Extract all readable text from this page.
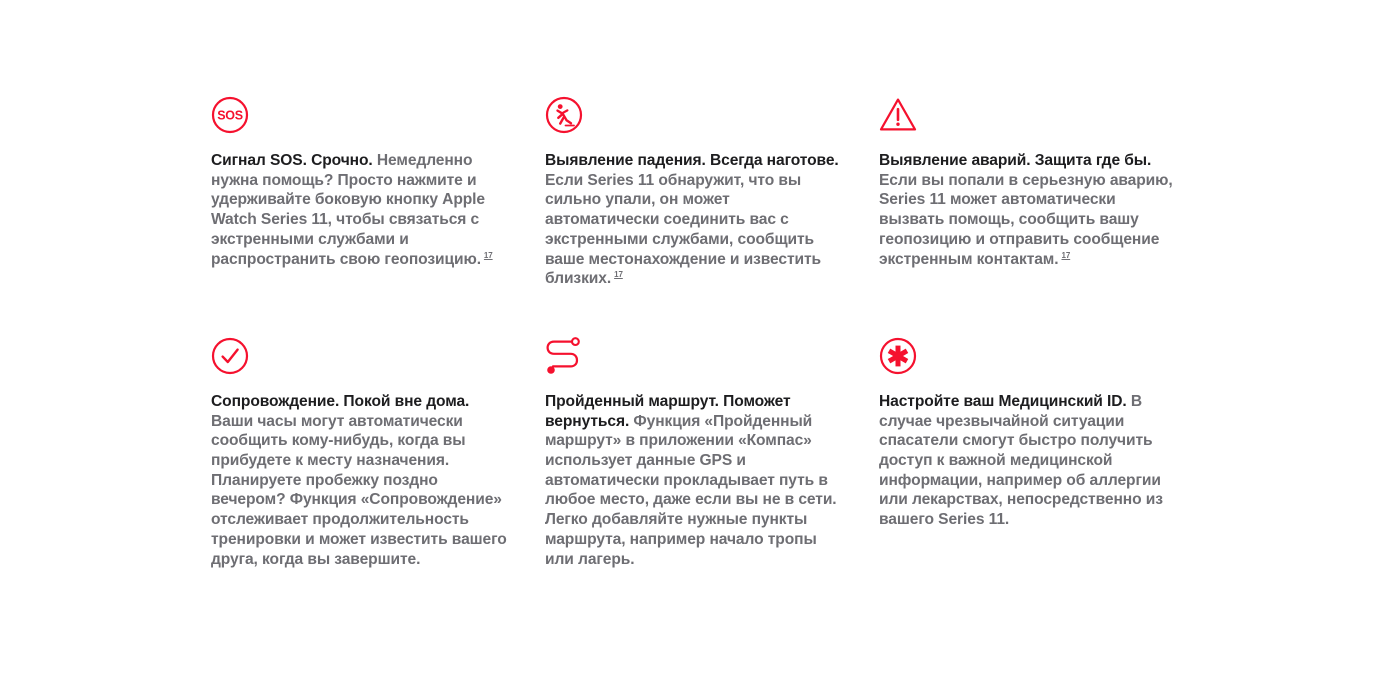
SOS

Сигнал SOS. Срочно. Немедленно нужна помощь? Просто нажмите и удерживайте боковую кнопку Apple Watch Series 11, чтобы связаться с экстренными службами и распространить свою геопозицию. 17

Выявление падения. Всегда наготове. Если Series 11 обнаружит, что вы сильно упали, он может автоматически соединить вас с экстренными службами, сообщить ваше местонахождение и известить близких. 17

Выявление аварий. Защита где бы. Если вы попали в серьезную аварию, Series 11 может автоматически вызвать помощь, сообщить вашу геопозицию и отправить сообщение экстренным контактам. 17

Сопровождение. Покой вне дома. Ваши часы могут автоматически сообщить кому-нибудь, когда вы прибудете к месту назначения. Планируете пробежку поздно вечером? Функция «Сопровождение» отслеживает продолжительность тренировки и может известить вашего друга, когда вы завершите.

Пройденный маршрут. Поможет вернуться. Функция «Пройденный маршрут» в приложении «Компас» использует данные GPS и автоматически прокладывает путь в любое место, даже если вы не в сети. Легко добавляйте нужные пункты маршрута, например начало тропы или лагерь.

Настройте ваш Медицинский ID. В случае чрезвычайной ситуации спасатели смогут быстро получить доступ к важной медицинской информации, например об аллергии или лекарствах, непосредственно из вашего Series 11.
